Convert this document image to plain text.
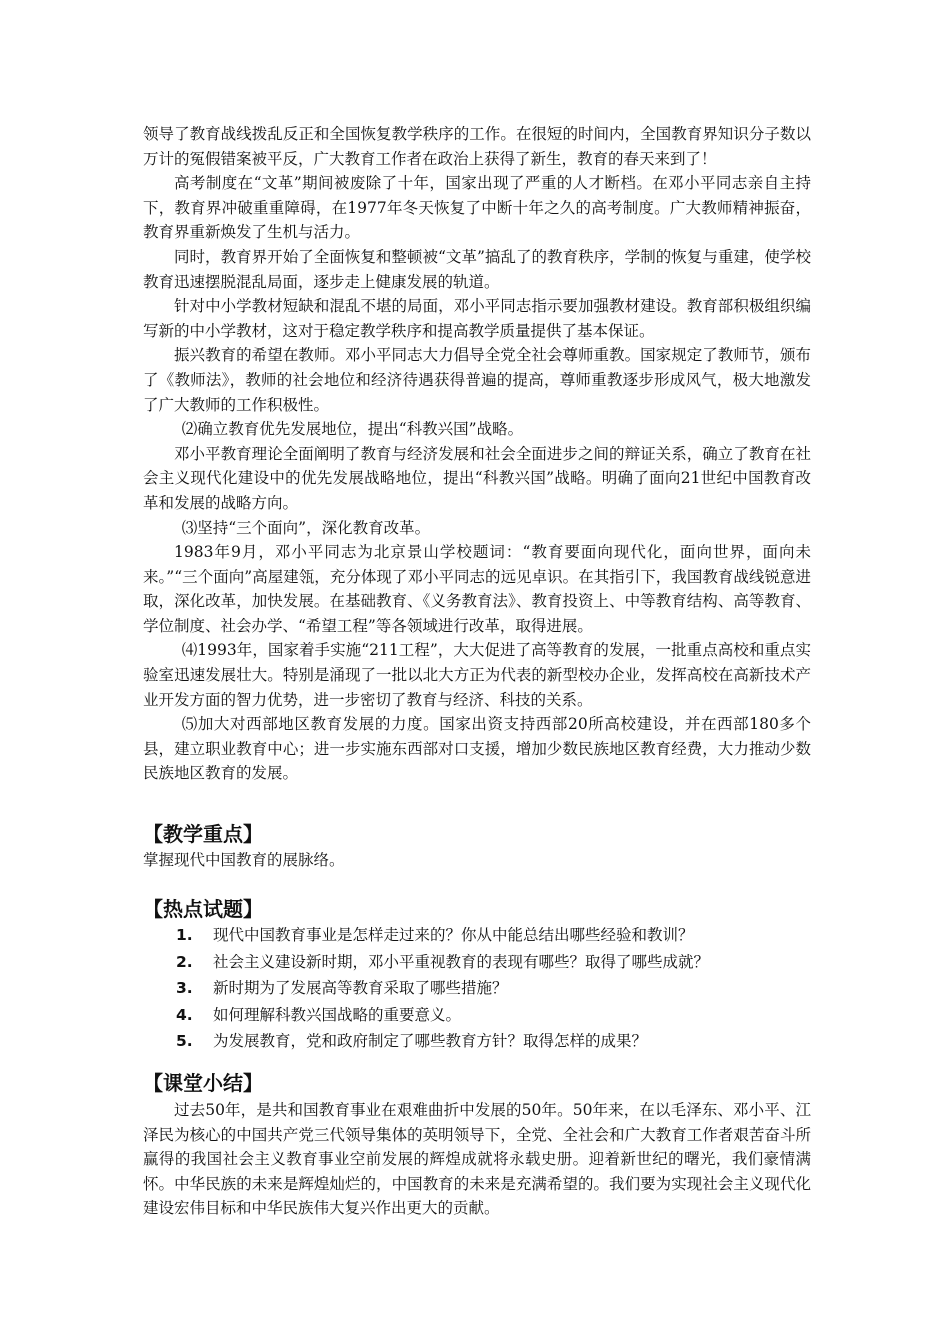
领导了教育战线拨乱反正和全国恢复教学秩序的工作。在很短的时间内，全国教育界知识分子数以万计的冤假错案被平反，广大教育工作者在政治上获得了新生，教育的春天来到了！

高考制度在“文革”期间被废除了十年，国家出现了严重的人才断档。在邓小平同志亲自主持下，教育界冲破重重障碍，在1977年冬天恢复了中断十年之久的高考制度。广大教师精神振奋，教育界重新焕发了生机与活力。

同时，教育界开始了全面恢复和整顿被“文革”搞乱了的教育秩序，学制的恢复与重建，使学校教育迅速摆脱混乱局面，逐步走上健康发展的轨道。

针对中小学教材短缺和混乱不堪的局面，邓小平同志指示要加强教材建设。教育部积极组织编写新的中小学教材，这对于稳定教学秩序和提高教学质量提供了基本保证。

振兴教育的希望在教师。邓小平同志大力倡导全党全社会尊师重教。国家规定了教师节，颁布了《教师法》，教师的社会地位和经济待遇获得普遍的提高，尊师重教逐步形成风气，极大地激发了广大教师的工作积极性。

⑵确立教育优先发展地位，提出“科教兴国”战略。

邓小平教育理论全面阐明了教育与经济发展和社会全面进步之间的辩证关系，确立了教育在社会主义现代化建设中的优先发展战略地位，提出“科教兴国”战略。明确了面向21世纪中国教育改革和发展的战略方向。

⑶坚持“三个面向”，深化教育改革。

1983年9月，邓小平同志为北京景山学校题词：“教育要面向现代化，面向世界，面向未来。”“三个面向”高屋建瓴，充分体现了邓小平同志的远见卓识。在其指引下，我国教育战线锐意进取，深化改革，加快发展。在基础教育、《义务教育法》、教育投资上、中等教育结构、高等教育、学位制度、社会办学、“希望工程”等各领域进行改革，取得进展。

⑷1993年，国家着手实施“211工程”，大大促进了高等教育的发展，一批重点高校和重点实验室迅速发展壮大。特别是涌现了一批以北大方正为代表的新型校办企业，发挥高校在高新技术产业开发方面的智力优势，进一步密切了教育与经济、科技的关系。

⑸加大对西部地区教育发展的力度。国家出资支持西部20所高校建设，并在西部180多个县，建立职业教育中心；进一步实施东西部对口支援，增加少数民族地区教育经费，大力推动少数民族地区教育的发展。

【教学重点】

掌握现代中国教育的展脉络。

【热点试题】
1.	现代中国教育事业是怎样走过来的？你从中能总结出哪些经验和教训？
2.	社会主义建设新时期，邓小平重视教育的表现有哪些？取得了哪些成就？
3.	新时期为了发展高等教育采取了哪些措施？
4.	如何理解科教兴国战略的重要意义。
5.	为发展教育，党和政府制定了哪些教育方针？取得怎样的成果？
【课堂小结】

过去50年，是共和国教育事业在艰难曲折中发展的50年。50年来，在以毛泽东、邓小平、江泽民为核心的中国共产党三代领导集体的英明领导下，全党、全社会和广大教育工作者艰苦奋斗所赢得的我国社会主义教育事业空前发展的辉煌成就将永载史册。迎着新世纪的曙光，我们豪情满怀。中华民族的未来是辉煌灿烂的，中国教育的未来是充满希望的。我们要为实现社会主义现代化建设宏伟目标和中华民族伟大复兴作出更大的贡献。
